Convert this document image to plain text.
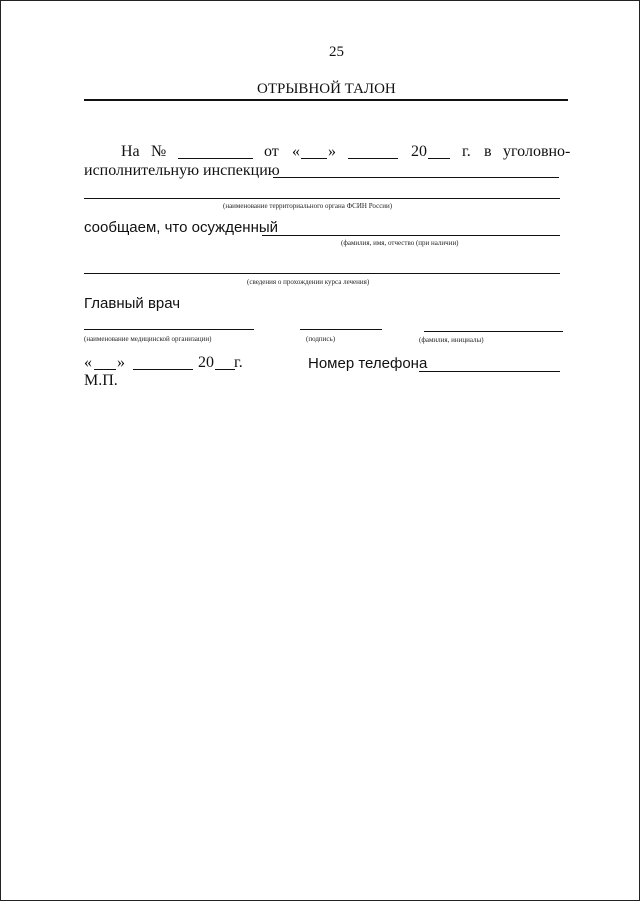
25
ОТРЫВНОЙ ТАЛОН
На №	от « »	20 г. в уголовно-
исполнительную инспекцию
(наименование территориального органа ФСИН России)
сообщаем, что осужденный
(фамилия, имя, отчество (при наличии)
(сведения о прохождении курса лечения)
Главный врач
(наименование медицинской организации)	(подпись)	(фамилия, инициалы)
« »	20 г.	Номер телефона
М.П.
